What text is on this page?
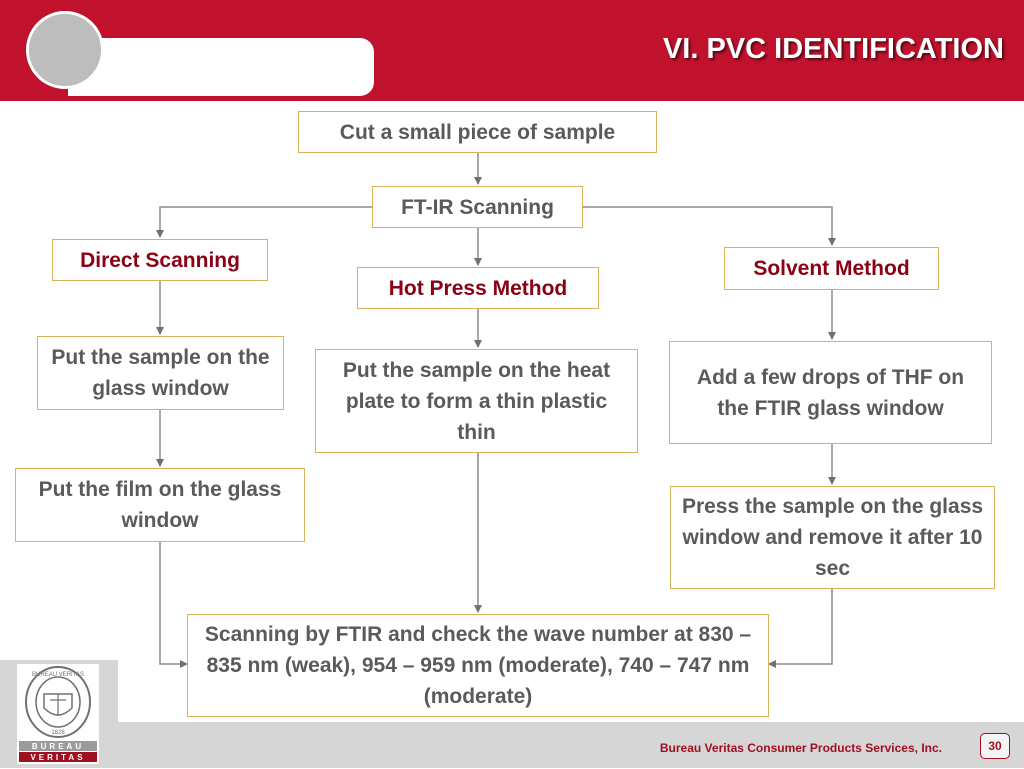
VI. PVC IDENTIFICATION
Cut a small piece of sample
FT-IR Scanning
Direct Scanning
Hot Press Method
Solvent Method
Put the sample on the glass window
Put the film on the glass window
Put the sample on the heat plate to form a thin plastic thin
Add a few drops of THF on the FTIR glass window
Press the sample on the glass window and remove it after 10 sec
Scanning by FTIR and check the wave number at 830 – 835 nm (weak), 954 – 959 nm (moderate), 740 – 747 nm (moderate)
BUREAU VERITAS
1828
BUREAU
VERITAS
Bureau Veritas Consumer Products Services, Inc.	30
